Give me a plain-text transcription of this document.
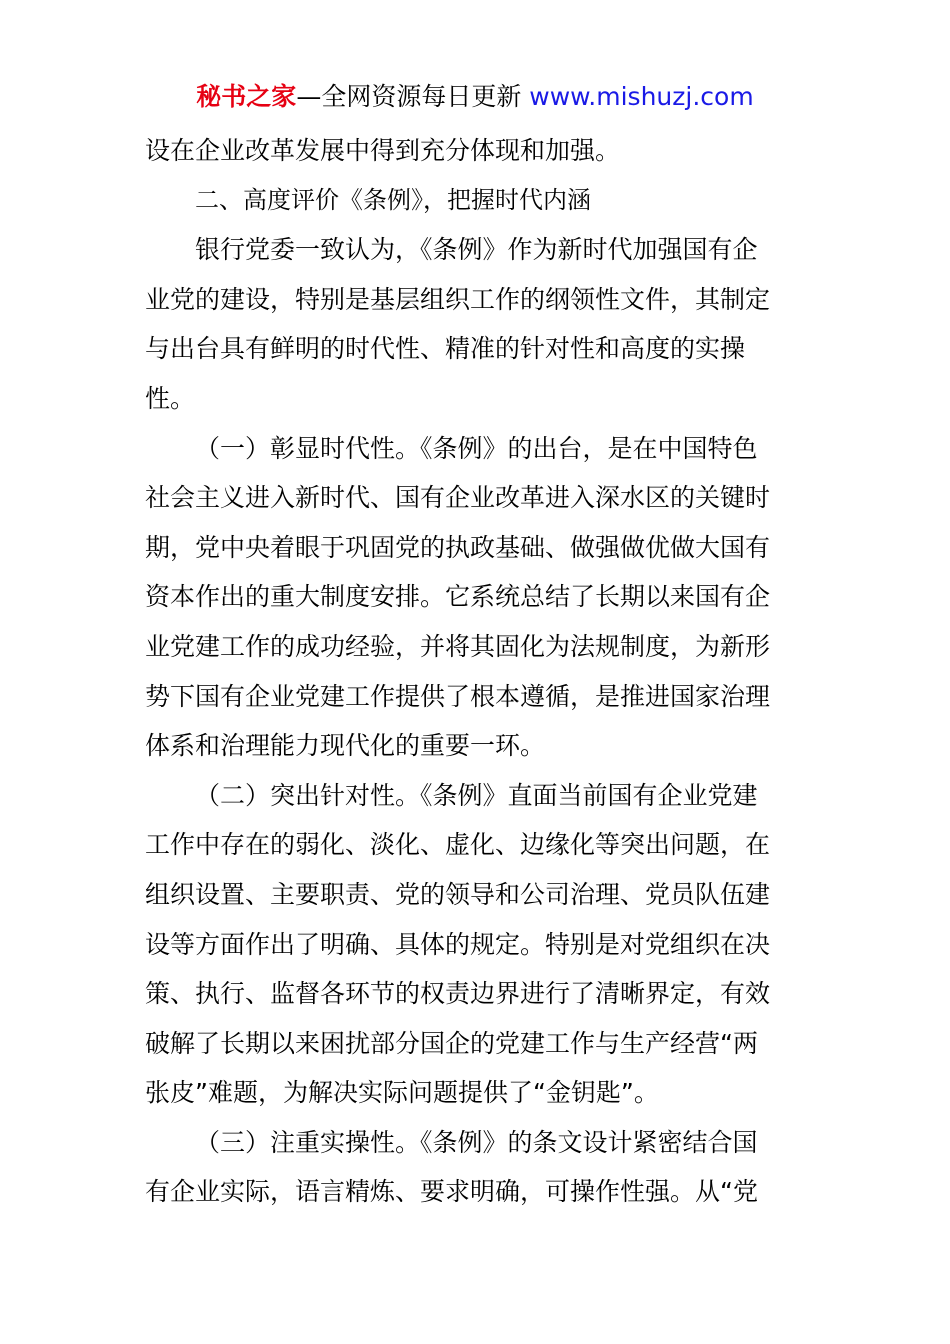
秘书之家—全网资源每日更新 www.mishuzj.com
设在企业改革发展中得到充分体现和加强。
二、高度评价《条例》，把握时代内涵
银行党委一致认为，《条例》作为新时代加强国有企
业党的建设，特别是基层组织工作的纲领性文件，其制定
与出台具有鲜明的时代性、精准的针对性和高度的实操
性。
（一）彰显时代性。《条例》的出台，是在中国特色
社会主义进入新时代、国有企业改革进入深水区的关键时
期，党中央着眼于巩固党的执政基础、做强做优做大国有
资本作出的重大制度安排。它系统总结了长期以来国有企
业党建工作的成功经验，并将其固化为法规制度，为新形
势下国有企业党建工作提供了根本遵循，是推进国家治理
体系和治理能力现代化的重要一环。
（二）突出针对性。《条例》直面当前国有企业党建
工作中存在的弱化、淡化、虚化、边缘化等突出问题，在
组织设置、主要职责、党的领导和公司治理、党员队伍建
设等方面作出了明确、具体的规定。特别是对党组织在决
策、执行、监督各环节的权责边界进行了清晰界定，有效
破解了长期以来困扰部分国企的党建工作与生产经营“两
张皮”难题，为解决实际问题提供了“金钥匙”。
（三）注重实操性。《条例》的条文设计紧密结合国
有企业实际，语言精炼、要求明确，可操作性强。从“党
